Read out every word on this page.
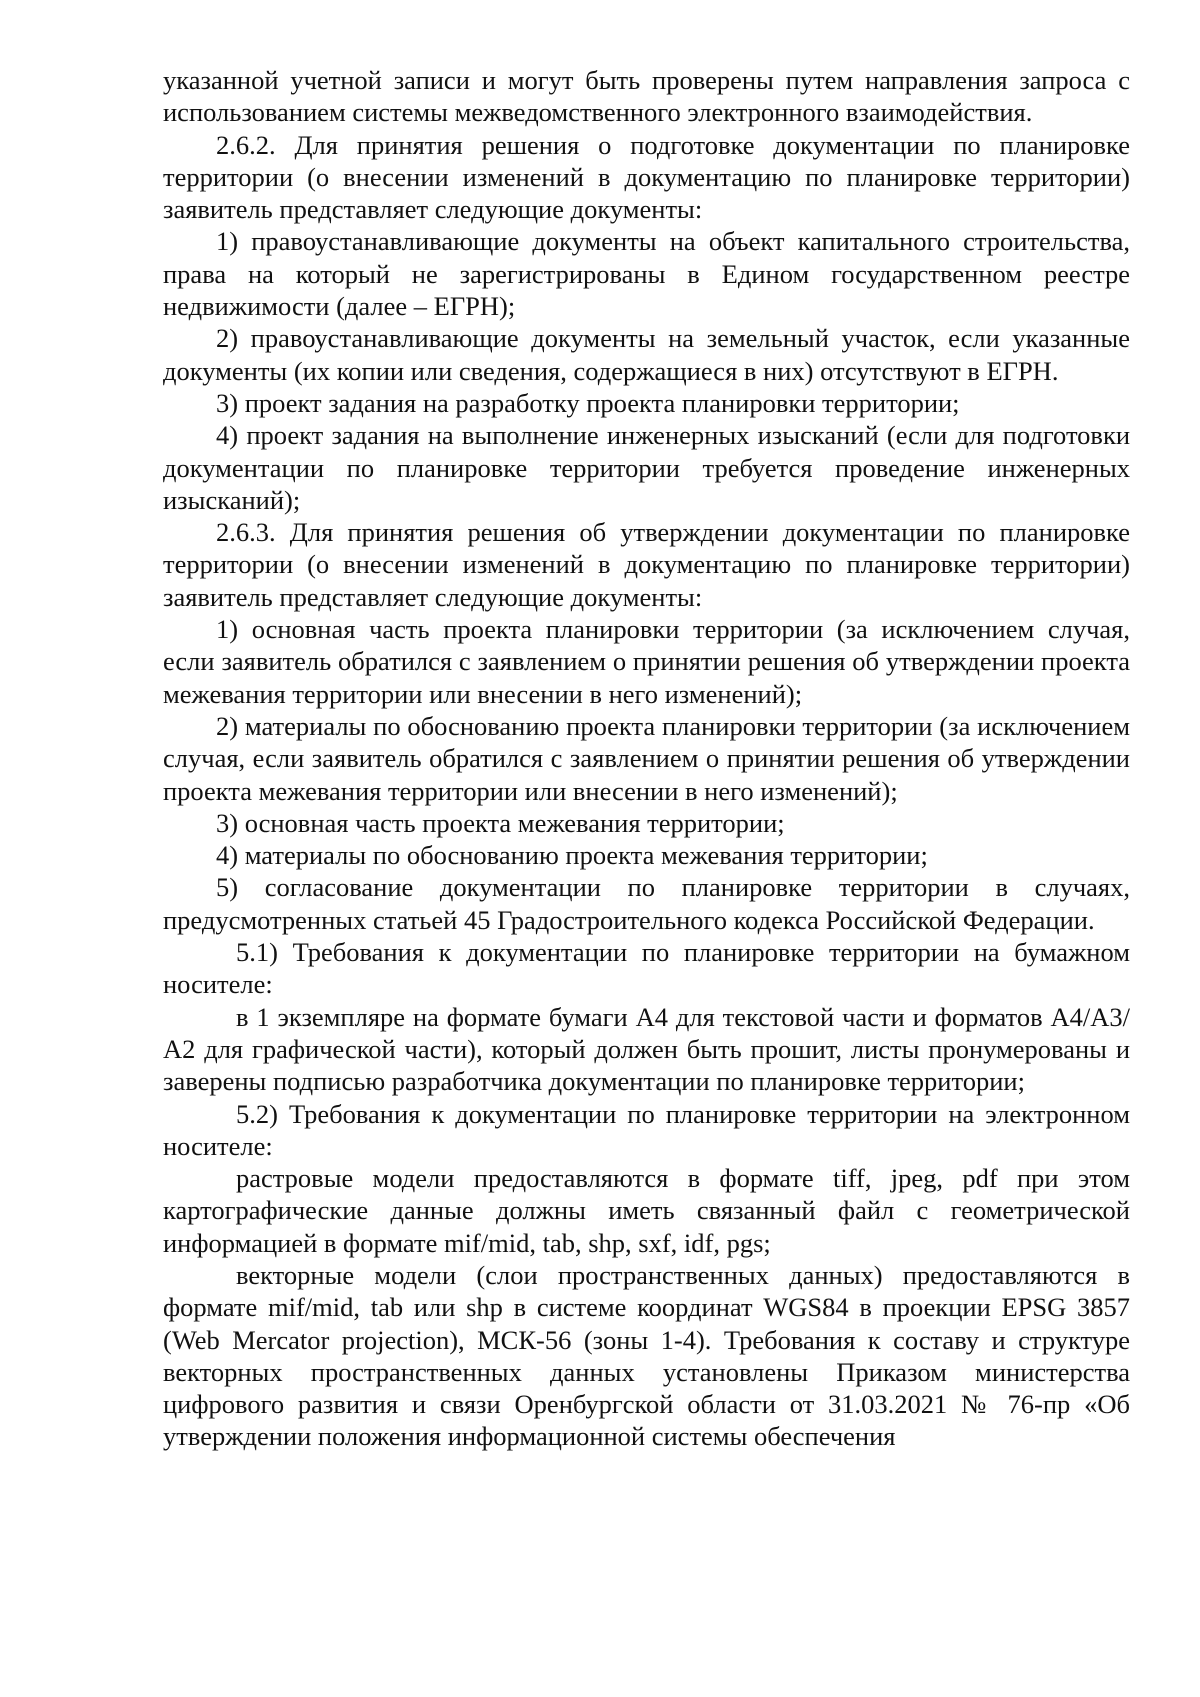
указанной учетной записи и могут быть проверены путем направления запроса с использованием системы межведомственного электронного взаимодействия.

2.6.2. Для принятия решения о подготовке документации по планировке территории (о внесении изменений в документацию по планировке территории) заявитель представляет следующие документы:

1) правоустанавливающие документы на объект капитального строительства, права на который не зарегистрированы в Едином государственном реестре недвижимости (далее – ЕГРН);

2) правоустанавливающие документы на земельный участок, если указанные документы (их копии или сведения, содержащиеся в них) отсутствуют в ЕГРН.

3) проект задания на разработку проекта планировки территории;

4) проект задания на выполнение инженерных изысканий (если для подготовки документации по планировке территории требуется проведение инженерных изысканий);

2.6.3. Для принятия решения об утверждении документации по планировке территории (о внесении изменений в документацию по планировке территории) заявитель представляет следующие документы:

1) основная часть проекта планировки территории (за исключением случая, если заявитель обратился с заявлением о принятии решения об утверждении проекта межевания территории или внесении в него изменений);

2) материалы по обоснованию проекта планировки территории (за исключением случая, если заявитель обратился с заявлением о принятии решения об утверждении проекта межевания территории или внесении в него изменений);

3) основная часть проекта межевания территории;

4) материалы по обоснованию проекта межевания территории;

5) согласование документации по планировке территории в случаях, предусмотренных статьей 45 Градостроительного кодекса Российской Федерации.

5.1) Требования к документации по планировке территории на бумажном носителе:

в 1 экземпляре на формате бумаги А4 для текстовой части и форматов А4/А3/А2 для графической части), который должен быть прошит, листы пронумерованы и заверены подписью разработчика документации по планировке территории;

5.2) Требования к документации по планировке территории на электронном носителе:

растровые модели предоставляются в формате tiff, jpeg, pdf при этом картографические данные должны иметь связанный файл с геометрической информацией в формате mif/mid, tab, shp, sxf, idf, pgs;

векторные модели (слои пространственных данных) предоставляются в формате mif/mid, tab или shp в системе координат WGS84 в проекции EPSG 3857 (Web Mercator projection), МСК-56 (зоны 1-4). Требования к составу и структуре векторных пространственных данных установлены Приказом министерства цифрового развития и связи Оренбургской области от 31.03.2021 № 76-пр «Об утверждении положения информационной системы обеспечения
